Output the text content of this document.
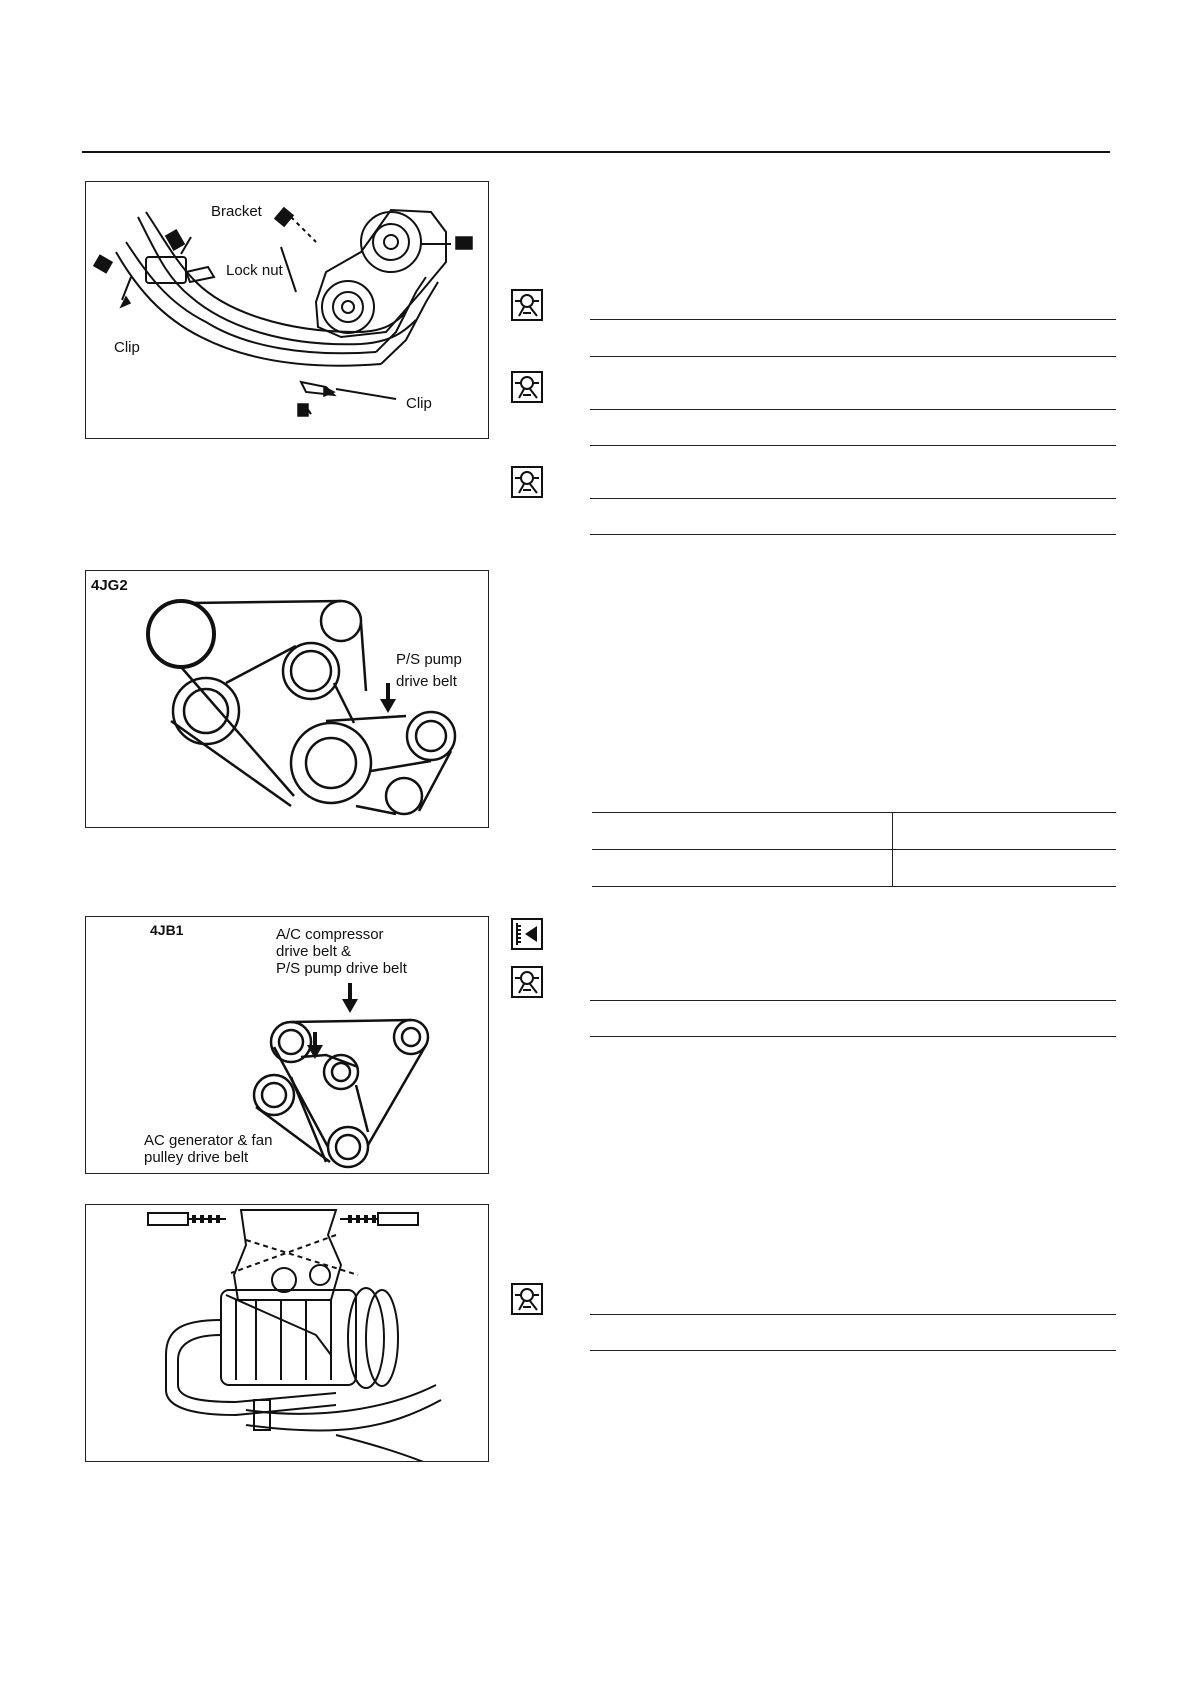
Bracket
Lock nut
Clip
Clip
4JG2
P/S pump
drive belt
4JB1	A/C compressor
drive belt &
P/S pump drive belt
AC generator & fan
pulley drive belt
